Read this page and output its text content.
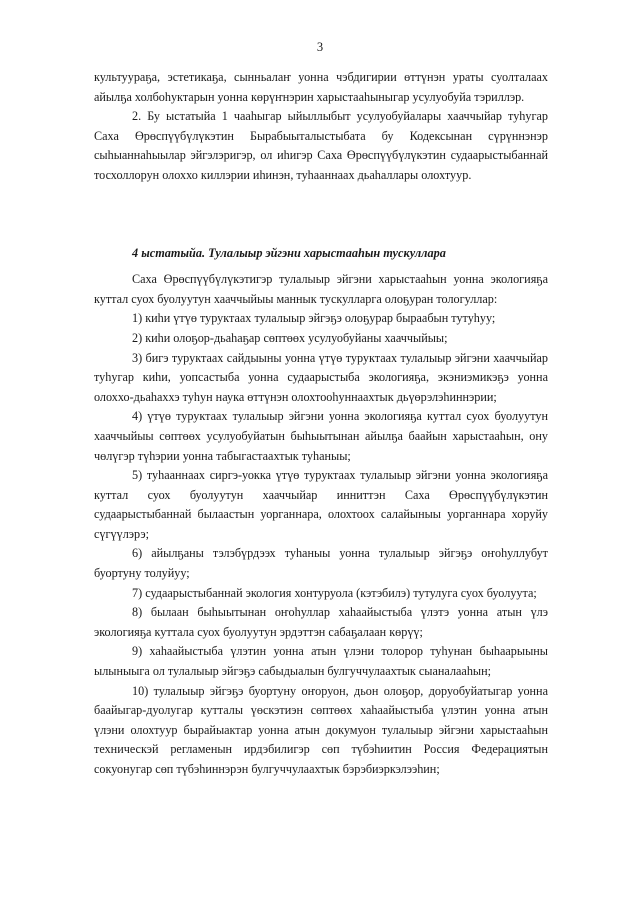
3

культуураҕа, эстетикаҕа, сынньалаҥ уонна чэбдигирии өттүнэн ураты суолталаах айылҕа холбоһуктарын уонна көрүҥнэрин харыстааһыныгар усулуобуйа тэриллэр.

2. Бу ыстатыйа 1 чааһыгар ыйыллыбыт усулуобуйалары хааччыйар туһугар Саха Өрөспүүбүлүкэтин Бырабыыталыстыбата бу Кодексынан сүрүннэнэр сыһыаннаһыылар эйгэлэригэр, ол иһигэр Саха Өрөспүүбүлүкэтин судаарыстыбаннай тосхоллорун олоххо киллэрии иһинэн, туһааннаах дьаһаллары олохтуур.

4 ыстатыйа. Тулалыыр эйгэни харыстааһын тускуллара

Саха Өрөспүүбүлүкэтигэр тулалыыр эйгэни харыстааһын уонна экологияҕа куттал суох буолуутун хааччыйыы маннык тускулларга олоҕуран тологуллар:

1) киһи үтүө туруктаах тулалыыр эйгэҕэ олоҕурар быраабын тутуһуу;

2) киһи олоҕор-дьаһаҕар сөптөөх усулуобуйаны хааччыйыы;

3) бигэ туруктаах сайдыыны уонна үтүө туруктаах тулалыыр эйгэни хааччыйар туһугар киһи, уопсастыба уонна судаарыстыба экологияҕа, экэниэмикэҕэ уонна олоххо-дьаһаххэ туһун наука өттүнэн олохтооһуннаахтык дьүөрэлэһиннэрии;

4) үтүө туруктаах тулалыыр эйгэни уонна экологияҕа куттал суох буолуутун хааччыйыы сөптөөх усулуобуйатын быһыытынан айылҕа баайын харыстааһын, ону чөлүгэр түһэрии уонна табыгастаахтык туһаныы;

5) туһааннаах сиргэ-уокка үтүө туруктаах тулалыыр эйгэни уонна экологияҕа куттал суох буолуутун хааччыйар инниттэн Саха Өрөспүүбүлүкэтин судаарыстыбаннай былаастын уорганнара, олохтоох салайыныы уорганнара хоруйу сүгүүлэрэ;

6) айылҕаны тэлэбүрдээх туһаныы уонна тулалыыр эйгэҕэ оҥоһуллубут буортуну толуйуу;

7) судаарыстыбаннай экология хонтуруола (кэтэбилэ) тутулуга суох буолуута;

8) былаан быһыытынан оҥоһуллар хаһаайыстыба үлэтэ уонна атын үлэ экологияҕа куттала суох буолуутун эрдэттэн сабаҕалаан көрүү;

9) хаһаайыстыба үлэтин уонна атын үлэни толорор туһунан быһаарыыны ылыныыга ол тулалыыр эйгэҕэ сабыдыалын булгуччулаахтык сыаналааһын;

10) тулалыыр эйгэҕэ буортуну оҥоруон, дьон олоҕор, доруобуйатыгар уонна баайыгар-дуолугар кутталы үөскэтиэн сөптөөх хаһаайыстыба үлэтин уонна атын үлэни олохтуур бырайыактар уонна атын докумуон тулалыыр эйгэни харыстааһын техническэй регламенын ирдэбилигэр сөп түбэһиитин Россия Федерациятын сокуонугар сөп түбэһиннэрэн булгуччулаахтык бэрэбиэркэлээһин;
